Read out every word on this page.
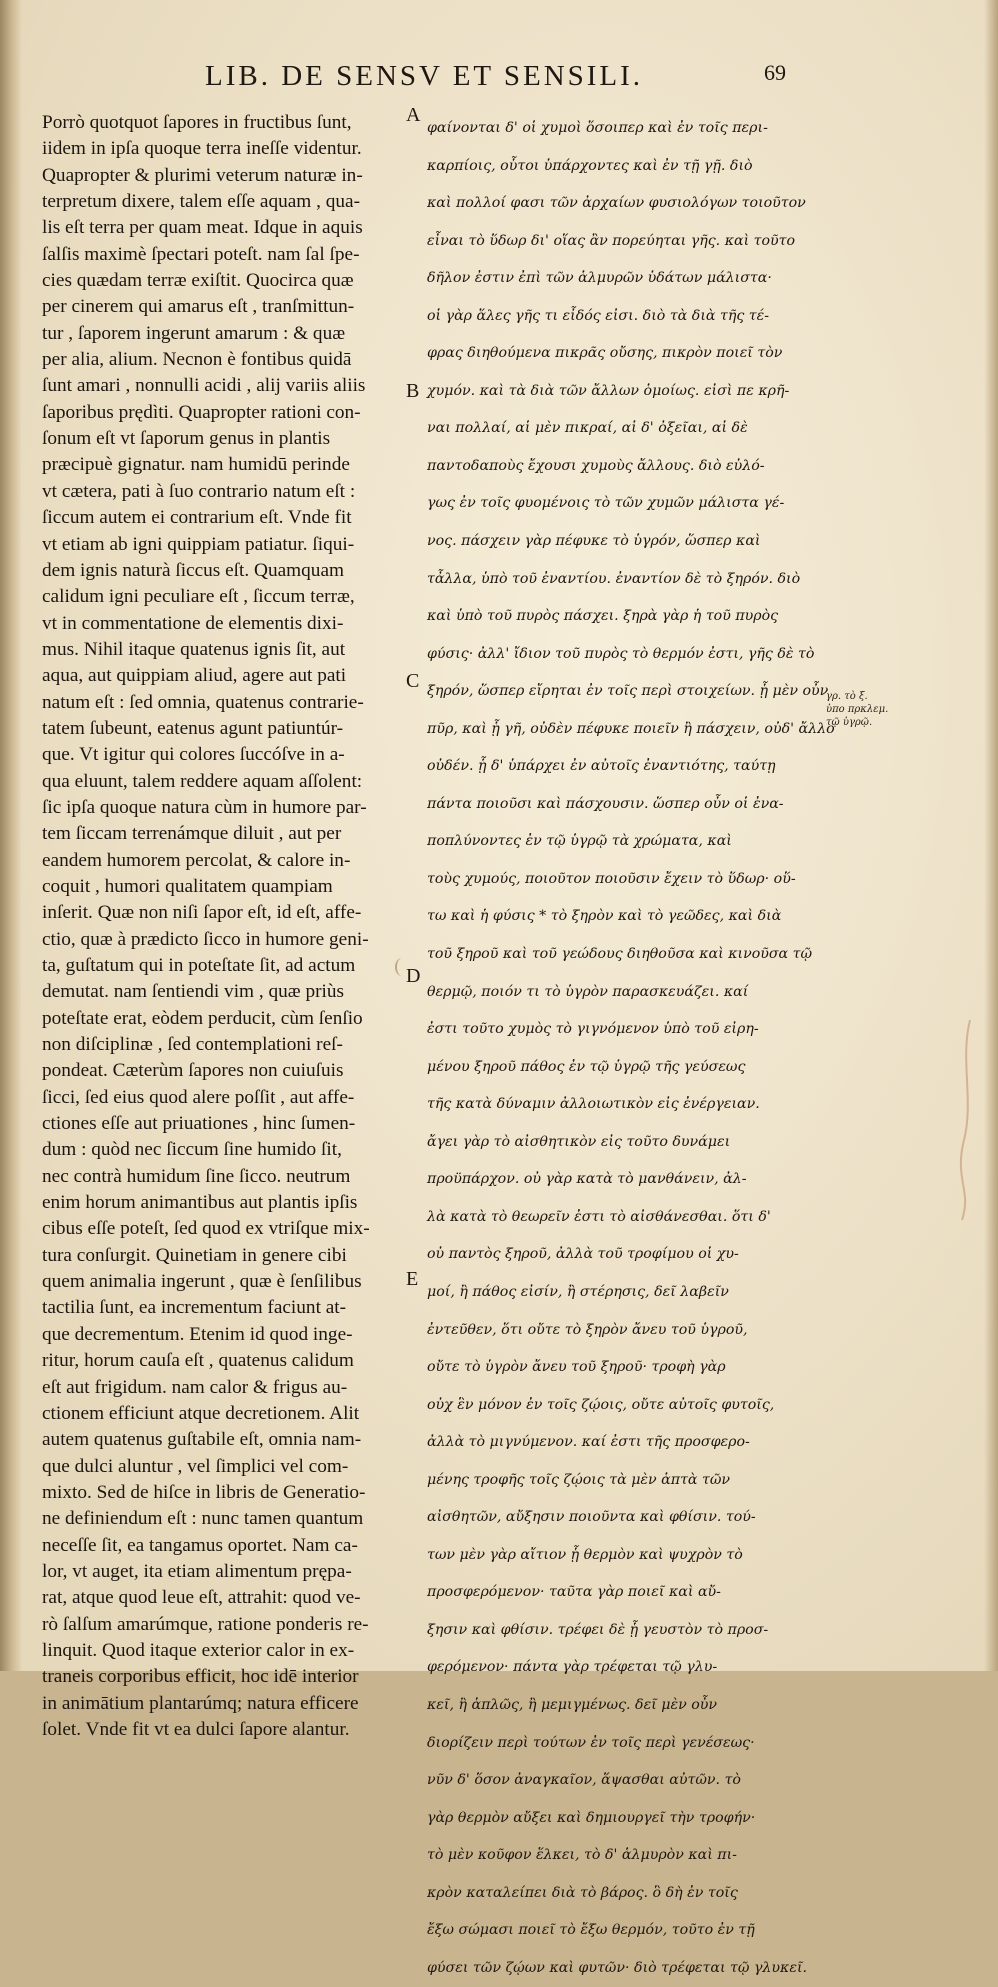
LIB. DE SENSV ET SENSILI.	69
Porrò quotquot ſapores in fructibus ſunt,
iidem in ipſa quoque terra ineſſe videntur.
Quapropter & plurimi veterum naturæ in-
terpretum dixere, talem eſſe aquam , qua-
lis eſt terra per quam meat. Idque in aquis
ſalſis maximè ſpectari poteſt. nam ſal ſpe-
cies quædam terræ exiſtit. Quocirca quæ
per cinerem qui amarus eſt , tranſmittun-
tur , ſaporem ingerunt amarum : & quæ
per alia, alium. Necnon è fontibus quidā
ſunt amari , nonnulli acidi , alij variis aliis
ſaporibus prędìti. Quapropter rationi con-
ſonum eſt vt ſaporum genus in plantis
præcipuè gignatur. nam humidū perinde
vt cætera, pati à ſuo contrario natum eſt :
ſiccum autem ei contrarium eſt. Vnde fit
vt etiam ab igni quippiam patiatur. ſiqui-
dem ignis naturà ſiccus eſt. Quamquam
calidum igni peculiare eſt , ſiccum terræ,
vt in commentatione de elementis dixi-
mus. Nihil itaque quatenus ignis ſit, aut
aqua, aut quippiam aliud, agere aut pati
natum eſt : ſed omnia, quatenus contrarie-
tatem ſubeunt, eatenus agunt patiuntúr-
que. Vt igitur qui colores ſuccóſve in a-
qua eluunt, talem reddere aquam aſſolent:
ſic ipſa quoque natura cùm in humore par-
tem ſiccam terrenámque diluit , aut per
eandem humorem percolat, & calore in-
coquit , humori qualitatem quampiam
inſerit. Quæ non niſi ſapor eſt, id eſt, affe-
ctio, quæ à prædicto ſicco in humore geni-
ta, guſtatum qui in poteſtate ſit, ad actum
demutat. nam ſentiendi vim , quæ priùs
poteſtate erat, eòdem perducit, cùm ſenſio
non diſciplinæ , ſed contemplationi reſ-
pondeat. Cæterùm ſapores non cuiuſuis
ſicci, ſed eius quod alere poſſit , aut affe-
ctiones eſſe aut priuationes , hinc ſumen-
dum : quòd nec ſiccum ſine humido ſit,
nec contrà humidum ſine ſicco. neutrum
enim horum animantibus aut plantis ipſis
cibus eſſe poteſt, ſed quod ex vtriſque mix-
tura conſurgit. Quinetiam in genere cibi
quem animalia ingerunt , quæ è ſenſilibus
tactilia ſunt, ea incrementum faciunt at-
que decrementum. Etenim id quod inge-
ritur, horum cauſa eſt , quatenus calidum
eſt aut frigidum. nam calor & frigus au-
ctionem efficiunt atque decretionem. Alit
autem quatenus guſtabile eſt, omnia nam-
que dulci aluntur , vel ſimplici vel com-
mixto. Sed de hiſce in libris de Generatio-
ne definiendum eſt : nunc tamen quantum
neceſſe ſit, ea tangamus oportet. Nam ca-
lor, vt auget, ita etiam alimentum prępa-
rat, atque quod leue eſt, attrahit: quod ve-
rò ſalſum amarúmque, ratione ponderis re-
linquit. Quod itaque exterior calor in ex-
traneis corporibus efficit, hoc idē interior
in animātium plantarúmq; natura efficere
ſolet. Vnde fit vt ea dulci ſapore alantur.
φαίνονται δ' οἱ χυμοὶ ὅσοιπερ καὶ ἐν τοῖς περι-
καρπίοις, οὗτοι ὑπάρχοντες καὶ ἐν τῇ γῇ. διὸ
καὶ πολλοί φασι τῶν ἀρχαίων φυσιολόγων τοιοῦτον
εἶναι τὸ ὕδωρ δι' οἵας ἂν πορεύηται γῆς. καὶ τοῦτο
δῆλον ἐστιν ἐπὶ τῶν ἁλμυρῶν ὑδάτων μάλιστα·
οἱ γὰρ ἅλες γῆς τι εἶδός εἰσι. διὸ τὰ διὰ τῆς τέ-
φρας διηθούμενα πικρᾶς οὔσης, πικρὸν ποιεῖ τὸν
χυμόν. καὶ τὰ διὰ τῶν ἄλλων ὁμοίως. εἰσὶ πε κρῆ-
ναι πολλαί, αἱ μὲν πικραί, αἱ δ' ὀξεῖαι, αἱ δὲ
παντοδαποὺς ἔχουσι χυμοὺς ἄλλους. διὸ εὐλό-
γως ἐν τοῖς φυομένοις τὸ τῶν χυμῶν μάλιστα γέ-
νος. πάσχειν γὰρ πέφυκε τὸ ὑγρόν, ὥσπερ καὶ
τἆλλα, ὑπὸ τοῦ ἐναντίου. ἐναντίον δὲ τὸ ξηρόν. διὸ
καὶ ὑπὸ τοῦ πυρὸς πάσχει. ξηρὰ γὰρ ἡ τοῦ πυρὸς
φύσις· ἀλλ' ἴδιον τοῦ πυρὸς τὸ θερμόν ἐστι, γῆς δὲ τὸ
ξηρόν, ὥσπερ εἴρηται ἐν τοῖς περὶ στοιχείων. ᾗ μὲν οὖν
πῦρ, καὶ ᾗ γῆ, οὐδὲν πέφυκε ποιεῖν ἢ πάσχειν, οὐδ' ἄλλο
οὐδέν. ᾗ δ' ὑπάρχει ἐν αὐτοῖς ἐναντιότης, ταύτῃ
πάντα ποιοῦσι καὶ πάσχουσιν. ὥσπερ οὖν οἱ ἐνα-
ποπλύνοντες ἐν τῷ ὑγρῷ τὰ χρώματα, καὶ
τοὺς χυμούς, ποιοῦτον ποιοῦσιν ἔχειν τὸ ὕδωρ· οὕ-
τω καὶ ἡ φύσις * τὸ ξηρὸν καὶ τὸ γεῶδες, καὶ διὰ
τοῦ ξηροῦ καὶ τοῦ γεώδους διηθοῦσα καὶ κινοῦσα τῷ
θερμῷ, ποιόν τι τὸ ὑγρὸν παρασκευάζει. καί
ἐστι τοῦτο χυμὸς τὸ γιγνόμενον ὑπὸ τοῦ εἰρη-
μένου ξηροῦ πάθος ἐν τῷ ὑγρῷ τῆς γεύσεως
τῆς κατὰ δύναμιν ἀλλοιωτικὸν εἰς ἐνέργειαν.
ἄγει γὰρ τὸ αἰσθητικὸν εἰς τοῦτο δυνάμει
προϋπάρχον. οὐ γὰρ κατὰ τὸ μανθάνειν, ἀλ-
λὰ κατὰ τὸ θεωρεῖν ἐστι τὸ αἰσθάνεσθαι. ὅτι δ'
οὐ παντὸς ξηροῦ, ἀλλὰ τοῦ τροφίμου οἱ χυ-
μοί, ἢ πάθος εἰσίν, ἢ στέρησις, δεῖ λαβεῖν
ἐντεῦθεν, ὅτι οὔτε τὸ ξηρὸν ἄνευ τοῦ ὑγροῦ,
οὔτε τὸ ὑγρὸν ἄνευ τοῦ ξηροῦ· τροφὴ γὰρ
οὐχ ἓν μόνον ἐν τοῖς ζῴοις, οὔτε αὐτοῖς φυτοῖς,
ἀλλὰ τὸ μιγνύμενον. καί ἐστι τῆς προσφερο-
μένης τροφῆς τοῖς ζῴοις τὰ μὲν ἁπτὰ τῶν
αἰσθητῶν, αὔξησιν ποιοῦντα καὶ φθίσιν. τού-
των μὲν γὰρ αἴτιον ᾗ θερμὸν καὶ ψυχρὸν τὸ
προσφερόμενον· ταῦτα γὰρ ποιεῖ καὶ αὔ-
ξησιν καὶ φθίσιν. τρέφει δὲ ᾗ γευστὸν τὸ προσ-
φερόμενον· πάντα γὰρ τρέφεται τῷ γλυ-
κεῖ, ἢ ἁπλῶς, ἢ μεμιγμένως. δεῖ μὲν οὖν
διορίζειν περὶ τούτων ἐν τοῖς περὶ γενέσεως·
νῦν δ' ὅσον ἀναγκαῖον, ἅψασθαι αὐτῶν. τὸ
γὰρ θερμὸν αὔξει καὶ δημιουργεῖ τὴν τροφήν·
τὸ μὲν κοῦφον ἕλκει, τὸ δ' ἁλμυρὸν καὶ πι-
κρὸν καταλείπει διὰ τὸ βάρος. ὃ δὴ ἐν τοῖς
ἔξω σώμασι ποιεῖ τὸ ἔξω θερμόν, τοῦτο ἐν τῇ
φύσει τῶν ζῴων καὶ φυτῶν· διὸ τρέφεται τῷ γλυκεῖ.
A
B
C
D
E
γρ. τὸ ξ.
ὑπο πρκλεμ.
τῷ ὑγρῷ.
